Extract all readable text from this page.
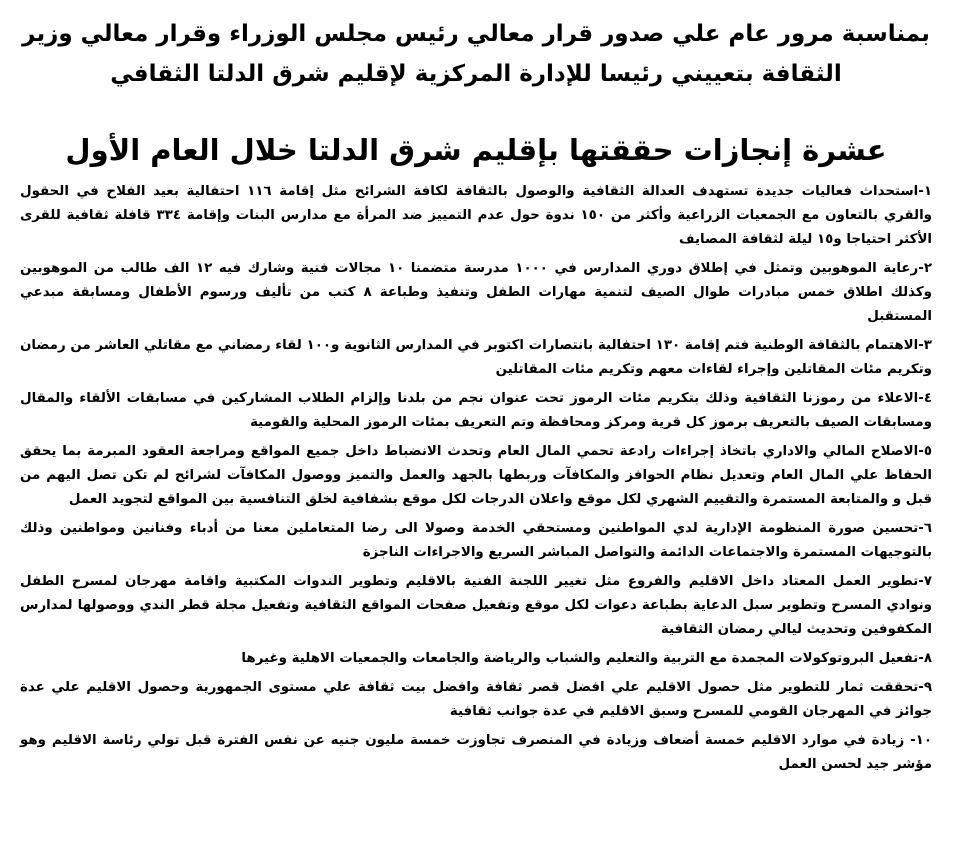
بمناسبة مرور عام علي صدور قرار معالي رئيس مجلس الوزراء وقرار معالي وزير
الثقافة بتعييني رئيسا للإدارة المركزية لإقليم شرق الدلتا الثقافي
عشرة إنجازات حققتها بإقليم شرق الدلتا خلال العام الأول
١-استحداث فعاليات جديدة تستهدف العدالة الثقافية والوصول بالثقافة لكافة الشرائح مثل إقامة ١١٦ احتفالية بعيد الفلاح في الحقول والقري بالتعاون مع الجمعيات الزراعية وأكثر من ١٥٠ ندوة حول عدم التمييز ضد المرأة مع مدارس البنات وإقامة ٣٣٤ قافلة ثقافية للقرى الأكثر احتياجا و١٥ ليلة لثقافة المصايف
٢-رعاية الموهوبين وتمثل في إطلاق دوري المدارس في ١٠٠٠ مدرسة متضمنا ١٠ مجالات فنية وشارك فيه ١٢ الف طالب من الموهوبين وكذلك اطلاق خمس مبادرات طوال الصيف لتنمية مهارات الطفل وتنفيذ وطباعة ٨ كتب من تأليف ورسوم الأطفال ومسابقة مبدعي المستقبل
٣-الاهتمام بالثقافة الوطنية فتم إقامة ١٣٠ احتفالية بانتصارات اكتوبر في المدارس الثانوية و١٠٠ لقاء رمضاني مع مقاتلي العاشر من رمضان وتكريم مئات المقاتلين وإجراء لقاءات معهم وتكريم مئات المقاتلين
٤-الاعلاء من رموزنا الثقافية وذلك بتكريم مئات الرموز تحت عنوان نجم من بلدنا وإلزام الطلاب المشاركين في مسابقات الألقاء والمقال ومسابقات الصيف بالتعريف برموز كل قرية ومركز ومحافظة وتم التعريف بمئات الرموز المحلية والقومية
٥-الاصلاح المالي والاداري باتخاذ إجراءات رادعة تحمي المال العام وتحدث الانضباط داخل جميع المواقع ومراجعة العقود المبرمة بما يحقق الحفاظ علي المال العام وتعديل نظام الحوافز والمكافآت وربطها بالجهد والعمل والتميز ووصول المكافآت لشرائح لم تكن تصل اليهم من قبل و والمتابعة المستمرة والتقييم الشهري لكل موقع واعلان الدرجات لكل موقع بشفافية لخلق التنافسية بين المواقع لتجويد العمل
٦-تحسين صورة المنظومة الإدارية لدي المواطنين ومستحقي الخدمة وصولا الى رضا المتعاملين معنا من أدباء وفنانين ومواطنين وذلك بالتوجيهات المستمرة والاجتماعات الدائمة والتواصل المباشر السريع والاجراءات الناجزة
٧-تطوير العمل المعتاد داخل الاقليم والفروع مثل تغيير اللجنة الفنية بالاقليم وتطوير الندوات المكتبية واقامة مهرجان لمسرح الطفل ونوادي المسرح وتطوير سبل الدعاية بطباعة دعوات لكل موقع وتفعيل صفحات المواقع الثقافية وتفعيل مجلة قطر الندي ووصولها لمدارس المكفوفين وتحديث ليالي رمضان الثقافية
٨-تفعيل البروتوكولات المجمدة مع التربية والتعليم والشباب والرياضة والجامعات والجمعيات الاهلية وغيرها
٩-تحققت ثمار للتطوير مثل حصول الاقليم علي افضل قصر ثقافة وافضل بيت ثقافة علي مستوى الجمهورية وحصول الاقليم علي عدة جوائز في المهرجان القومي للمسرح وسبق الاقليم في عدة جوانب ثقافية
١٠- زيادة في موارد الاقليم خمسة أضعاف وزيادة في المنصرف تجاوزت خمسة مليون جنيه عن نفس الفترة قبل تولي رئاسة الاقليم وهو مؤشر جيد لحسن العمل
